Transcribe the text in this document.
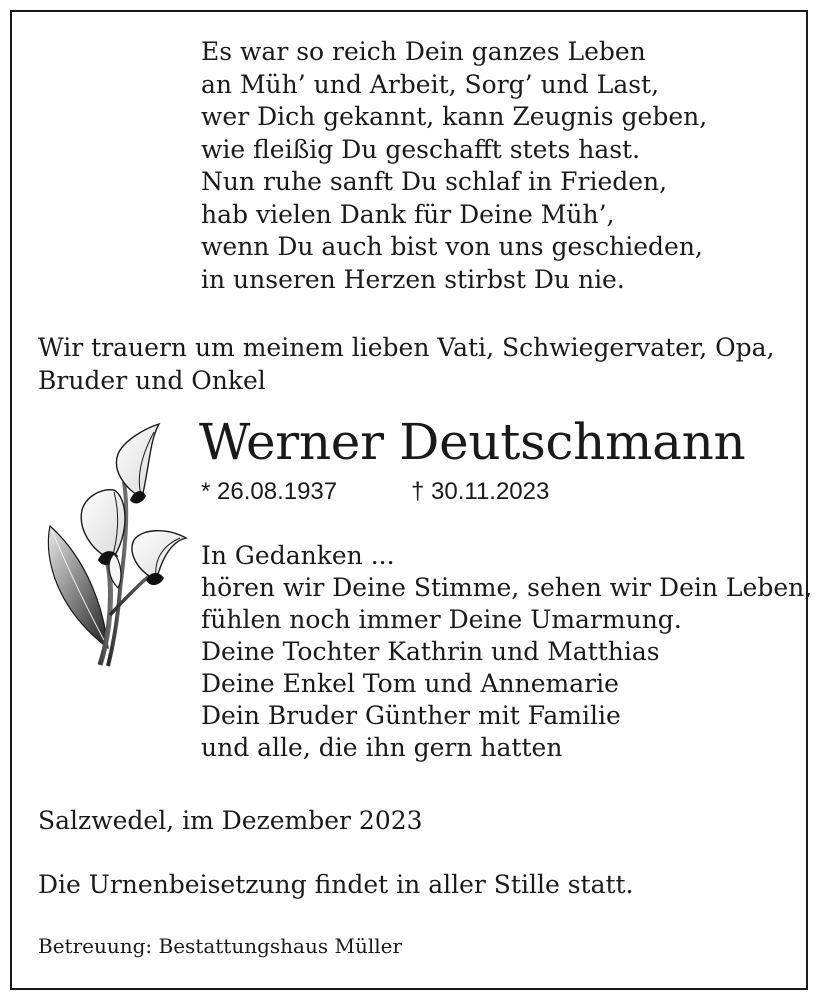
Es war so reich Dein ganzes Leben
an Müh’ und Arbeit, Sorg’ und Last,
wer Dich gekannt, kann Zeugnis geben,
wie fleißig Du geschafft stets hast.
Nun ruhe sanft Du schlaf in Frieden,
hab vielen Dank für Deine Müh’,
wenn Du auch bist von uns geschieden,
in unseren Herzen stirbst Du nie.
Wir trauern um meinem lieben Vati, Schwiegervater, Opa,
Bruder und Onkel
Werner Deutschmann
* 26.08.1937	† 30.11.2023
In Gedanken ...
hören wir Deine Stimme, sehen wir Dein Leben,
fühlen noch immer Deine Umarmung.
Deine Tochter Kathrin und Matthias
Deine Enkel Tom und Annemarie
Dein Bruder Günther mit Familie
und alle, die ihn gern hatten
Salzwedel, im Dezember 2023
Die Urnenbeisetzung findet in aller Stille statt.
Betreuung: Bestattungshaus Müller
